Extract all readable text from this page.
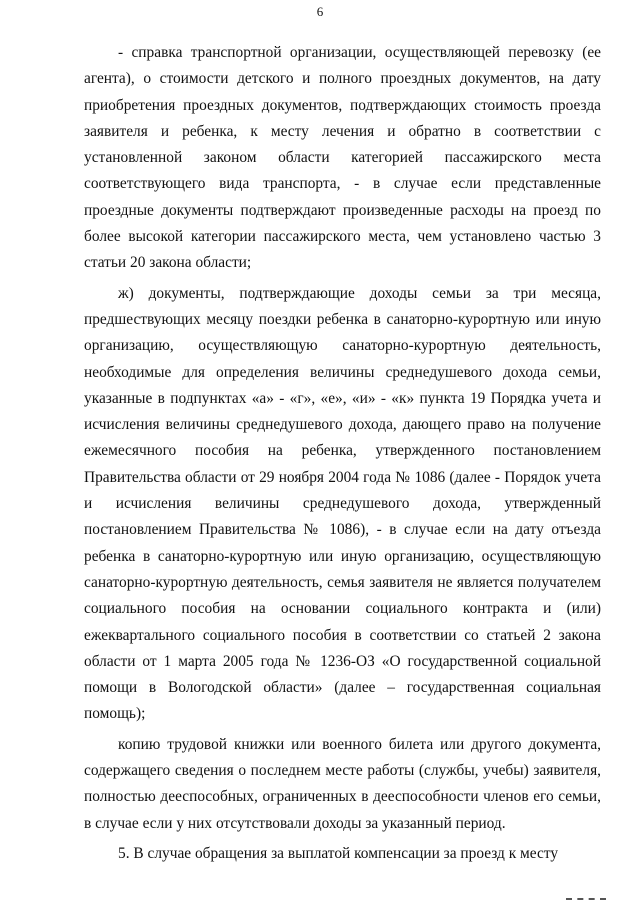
6

- справка транспортной организации, осуществляющей перевозку (ее агента), о стоимости детского и полного проездных документов, на дату приобретения проездных документов, подтверждающих стоимость проезда заявителя и ребенка, к месту лечения и обратно в соответствии с установленной законом области категорией пассажирского места соответствующего вида транспорта, - в случае если представленные проездные документы подтверждают произведенные расходы на проезд по более высокой категории пассажирского места, чем установлено частью 3 статьи 20 закона области;

ж) документы, подтверждающие доходы семьи за три месяца, предшествующих месяцу поездки ребенка в санаторно-курортную или иную организацию, осуществляющую санаторно-курортную деятельность, необходимые для определения величины среднедушевого дохода семьи, указанные в подпунктах «а» - «г», «е», «и» - «к» пункта 19 Порядка учета и исчисления величины среднедушевого дохода, дающего право на получение ежемесячного пособия на ребенка, утвержденного постановлением Правительства области от 29 ноября 2004 года № 1086 (далее - Порядок учета и исчисления величины среднедушевого дохода, утвержденный постановлением Правительства № 1086), - в случае если на дату отъезда ребенка в санаторно-курортную или иную организацию, осуществляющую санаторно-курортную деятельность, семья заявителя не является получателем социального пособия на основании социального контракта и (или) ежеквартального социального пособия в соответствии со статьей 2 закона области от 1 марта 2005 года № 1236-ОЗ «О государственной социальной помощи в Вологодской области» (далее – государственная социальная помощь);

копию трудовой книжки или военного билета или другого документа, содержащего сведения о последнем месте работы (службы, учебы) заявителя, полностью дееспособных, ограниченных в дееспособности членов его семьи, в случае если у них отсутствовали доходы за указанный период.

5. В случае обращения за выплатой компенсации за проезд к месту
